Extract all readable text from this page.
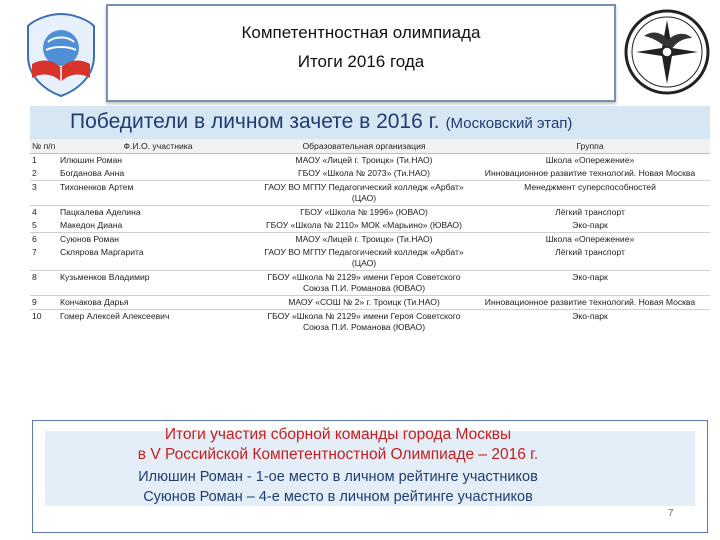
Компетентностная олимпиада
Итоги 2016 года
Победители в личном зачете в 2016 г. (Московский этап)
№ п/п	Ф.И.О. участника	Образовательная организация	Группа
1	Илюшин Роман	МАОУ «Лицей г. Троицк» (Ти.НАО)	Школа «Опережение»
2	Богданова Анна	ГБОУ «Школа № 2073» (Ти.НАО)	Инновационное развитие технологий. Новая Москва
3	Тихоненков Артем	ГАОУ ВО МГПУ Педагогический колледж «Арбат» (ЦАО)	Менеджмент суперспособностей
4	Пацкалева Аделина	ГБОУ «Школа № 1996» (ЮВАО)	Лёгкий транспорт
5	Македон Диана	ГБОУ «Школа № 2110» МОК «Марьино» (ЮВАО)	Эко-парк
6	Суюнов Роман	МАОУ «Лицей г. Троицк» (Ти.НАО)	Школа «Опережение»
7	Склярова Маргарита	ГАОУ ВО МГПУ Педагогический колледж «Арбат» (ЦАО)	Лёгкий транспорт
8	Кузьменков Владимир	ГБОУ «Школа № 2129» имени Героя Советского Союза П.И. Романова (ЮВАО)	Эко-парк
9	Кончакова Дарья	МАОУ «СОШ № 2» г. Троицк (Ти.НАО)	Инновационное развитие технологий. Новая Москва
10	Гомер Алексей Алексеевич	ГБОУ «Школа № 2129» имени Героя Советского Союза П.И. Романова (ЮВАО)	Эко-парк
Итоги участия сборной команды города Москвы
в V Российской Компетентностной Олимпиаде – 2016 г.
Илюшин Роман - 1-ое место в личном рейтинге участников
Суюнов Роман – 4-е место в личном рейтинге участников
7
